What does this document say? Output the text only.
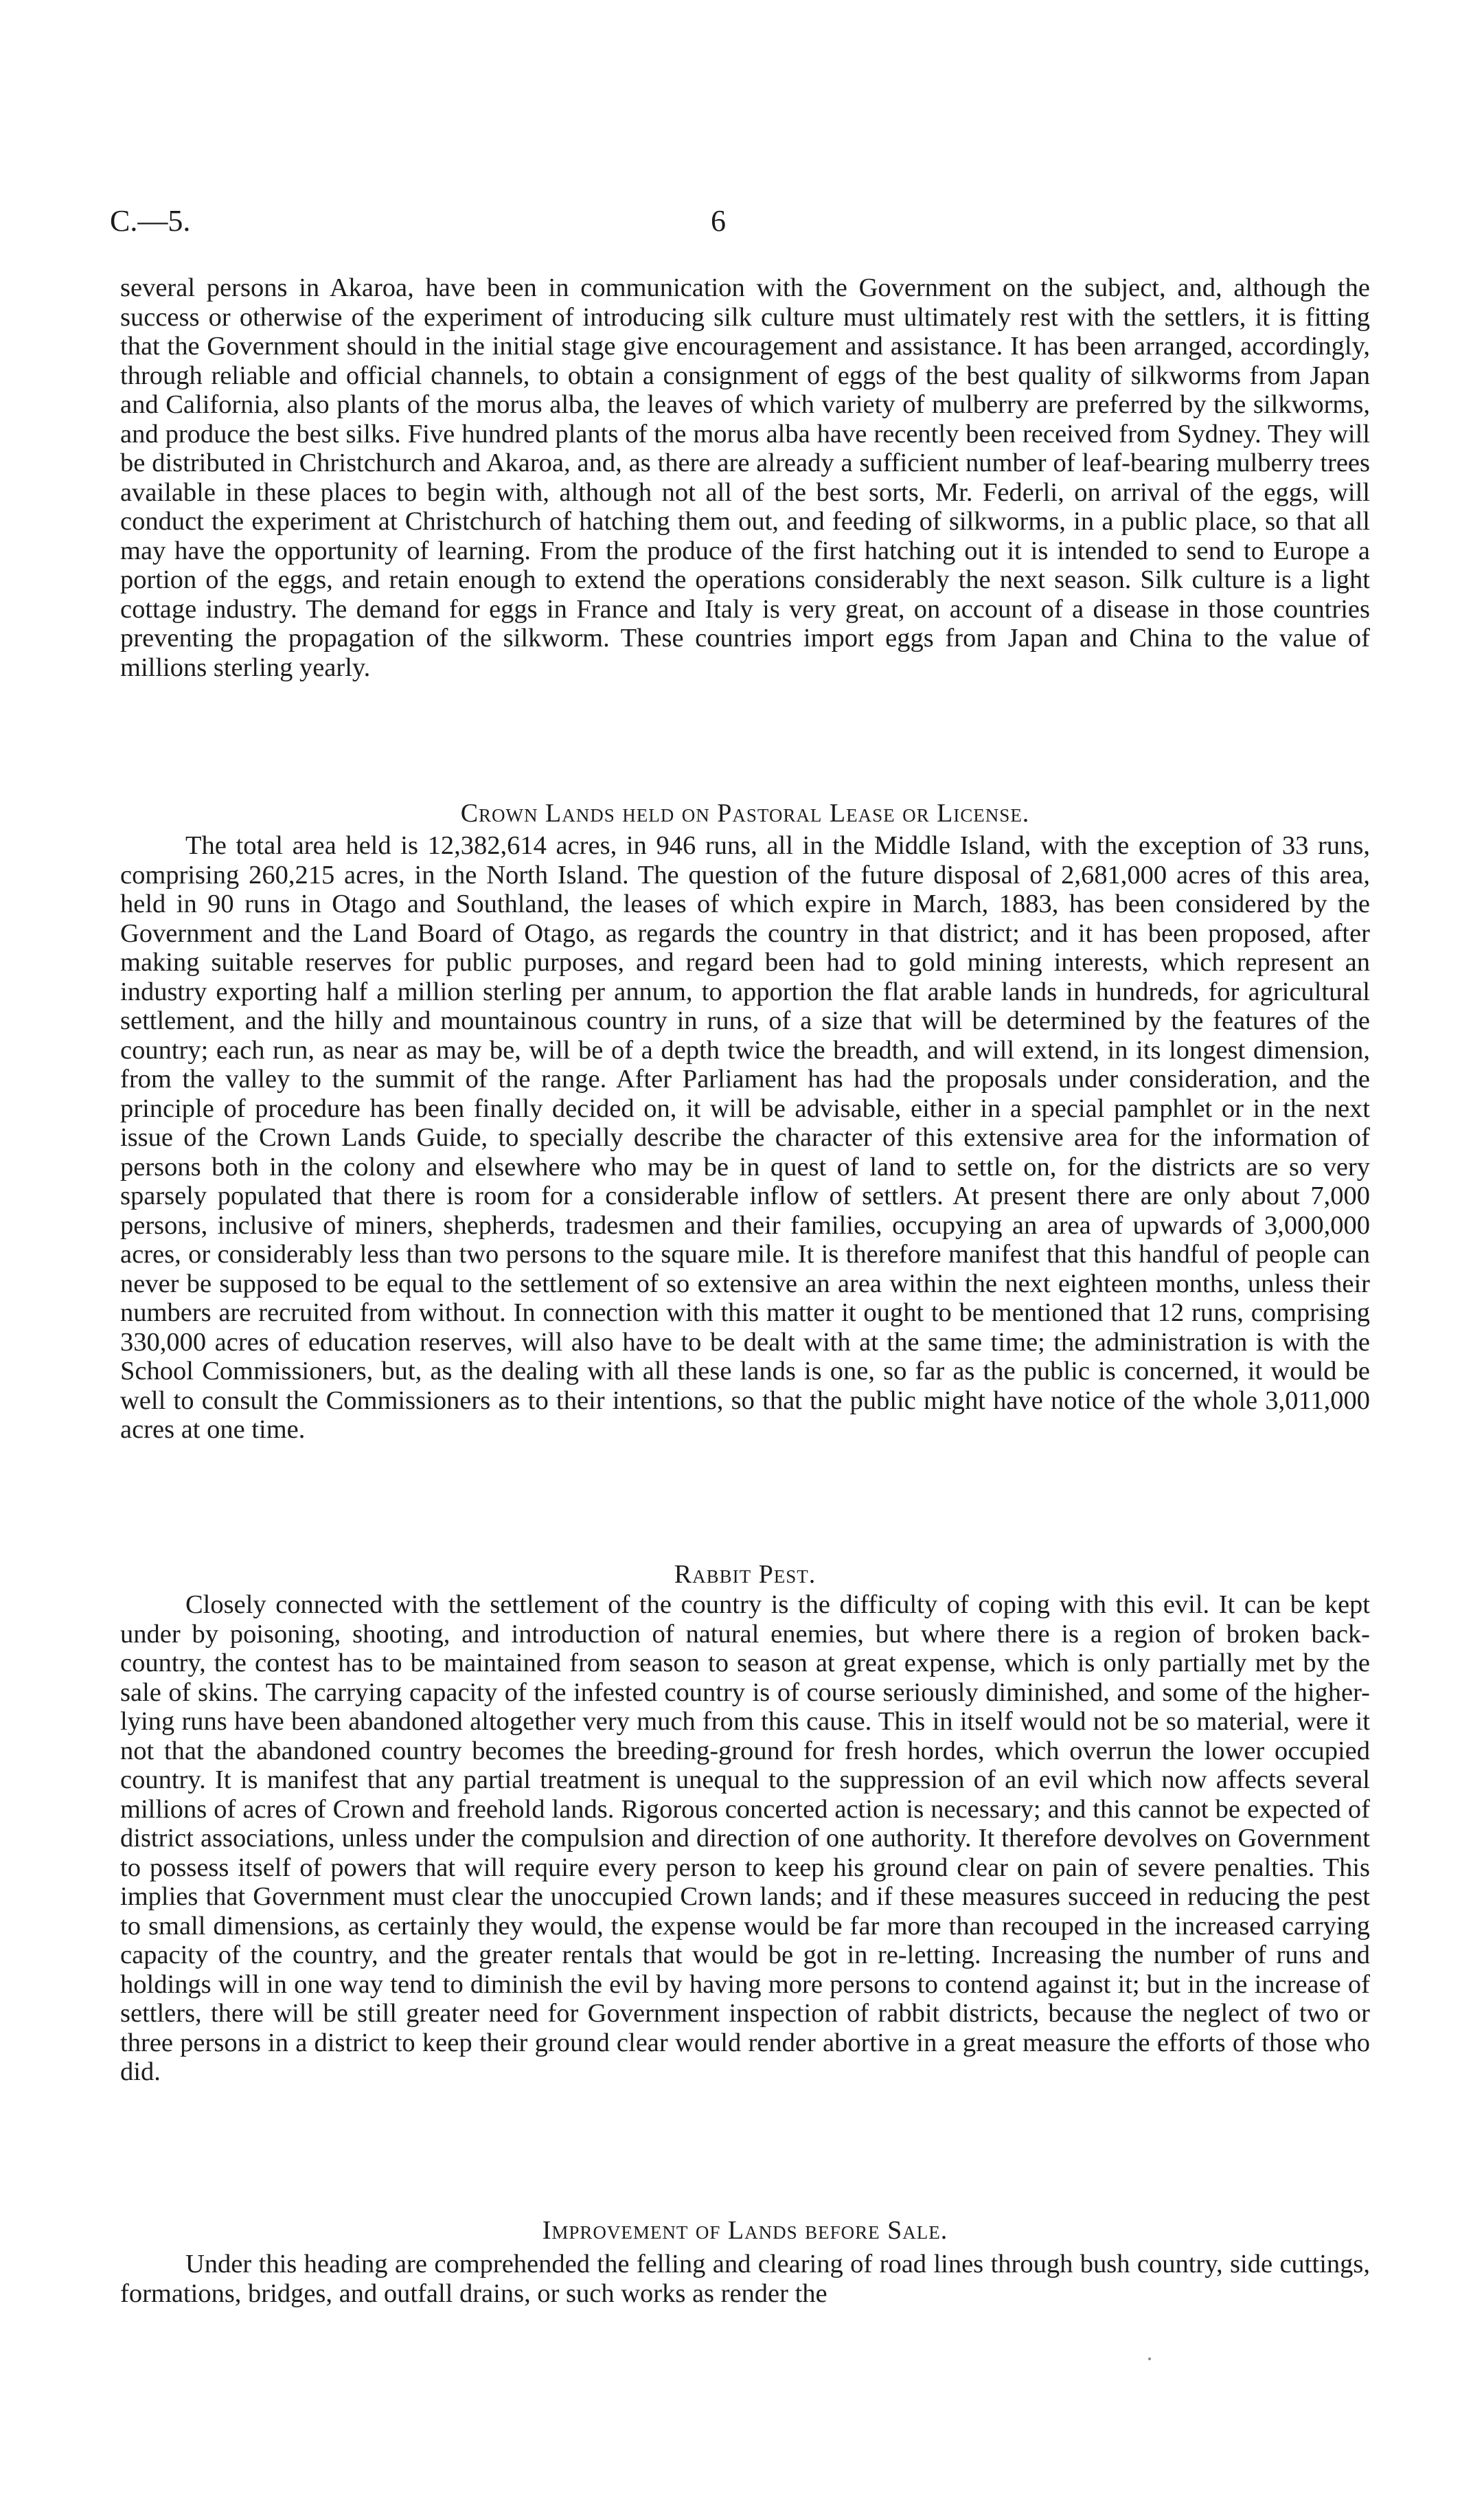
C.—5.	6

several persons in Akaroa, have been in communication with the Government on the subject, and, although the success or otherwise of the experiment of introducing silk culture must ultimately rest with the settlers, it is fitting that the Government should in the initial stage give encouragement and assistance. It has been arranged, accordingly, through reliable and official channels, to obtain a consignment of eggs of the best quality of silkworms from Japan and California, also plants of the morus alba, the leaves of which variety of mulberry are preferred by the silkworms, and produce the best silks. Five hundred plants of the morus alba have recently been received from Sydney. They will be distributed in Christchurch and Akaroa, and, as there are already a sufficient number of leaf-bearing mulberry trees available in these places to begin with, although not all of the best sorts, Mr. Federli, on arrival of the eggs, will conduct the experiment at Christchurch of hatching them out, and feeding of silkworms, in a public place, so that all may have the opportunity of learning. From the produce of the first hatching out it is intended to send to Europe a portion of the eggs, and retain enough to extend the operations considerably the next season. Silk culture is a light cottage industry. The demand for eggs in France and Italy is very great, on account of a disease in those countries preventing the propagation of the silkworm. These countries import eggs from Japan and China to the value of millions sterling yearly.

Crown Lands held on Pastoral Lease or License.

The total area held is 12,382,614 acres, in 946 runs, all in the Middle Island, with the exception of 33 runs, comprising 260,215 acres, in the North Island. The question of the future disposal of 2,681,000 acres of this area, held in 90 runs in Otago and Southland, the leases of which expire in March, 1883, has been considered by the Government and the Land Board of Otago, as regards the country in that district; and it has been proposed, after making suitable reserves for public purposes, and regard been had to gold mining interests, which represent an industry exporting half a million sterling per annum, to apportion the flat arable lands in hundreds, for agricultural settlement, and the hilly and mountainous country in runs, of a size that will be determined by the features of the country; each run, as near as may be, will be of a depth twice the breadth, and will extend, in its longest dimension, from the valley to the summit of the range. After Parliament has had the proposals under consideration, and the principle of procedure has been finally decided on, it will be advisable, either in a special pamphlet or in the next issue of the Crown Lands Guide, to specially describe the character of this extensive area for the information of persons both in the colony and elsewhere who may be in quest of land to settle on, for the districts are so very sparsely populated that there is room for a considerable inflow of settlers. At present there are only about 7,000 persons, inclusive of miners, shepherds, tradesmen and their families, occupying an area of upwards of 3,000,000 acres, or considerably less than two persons to the square mile. It is therefore manifest that this handful of people can never be supposed to be equal to the settlement of so extensive an area within the next eighteen months, unless their numbers are recruited from without. In connection with this matter it ought to be mentioned that 12 runs, comprising 330,000 acres of education reserves, will also have to be dealt with at the same time; the administration is with the School Commissioners, but, as the dealing with all these lands is one, so far as the public is concerned, it would be well to consult the Commissioners as to their intentions, so that the public might have notice of the whole 3,011,000 acres at one time.

Rabbit Pest.

Closely connected with the settlement of the country is the difficulty of coping with this evil. It can be kept under by poisoning, shooting, and introduction of natural enemies, but where there is a region of broken back-country, the contest has to be maintained from season to season at great expense, which is only partially met by the sale of skins. The carrying capacity of the infested country is of course seriously diminished, and some of the higher-lying runs have been abandoned altogether very much from this cause. This in itself would not be so material, were it not that the abandoned country becomes the breeding-ground for fresh hordes, which overrun the lower occupied country. It is manifest that any partial treatment is unequal to the suppression of an evil which now affects several millions of acres of Crown and freehold lands. Rigorous concerted action is necessary; and this cannot be expected of district associations, unless under the compulsion and direction of one authority. It therefore devolves on Government to possess itself of powers that will require every person to keep his ground clear on pain of severe penalties. This implies that Government must clear the unoccupied Crown lands; and if these measures succeed in reducing the pest to small dimensions, as certainly they would, the expense would be far more than recouped in the increased carrying capacity of the country, and the greater rentals that would be got in re-letting. Increasing the number of runs and holdings will in one way tend to diminish the evil by having more persons to contend against it; but in the increase of settlers, there will be still greater need for Government inspection of rabbit districts, because the neglect of two or three persons in a district to keep their ground clear would render abortive in a great measure the efforts of those who did.

Improvement of Lands before Sale.

Under this heading are comprehended the felling and clearing of road lines through bush country, side cuttings, formations, bridges, and outfall drains, or such works as render the
